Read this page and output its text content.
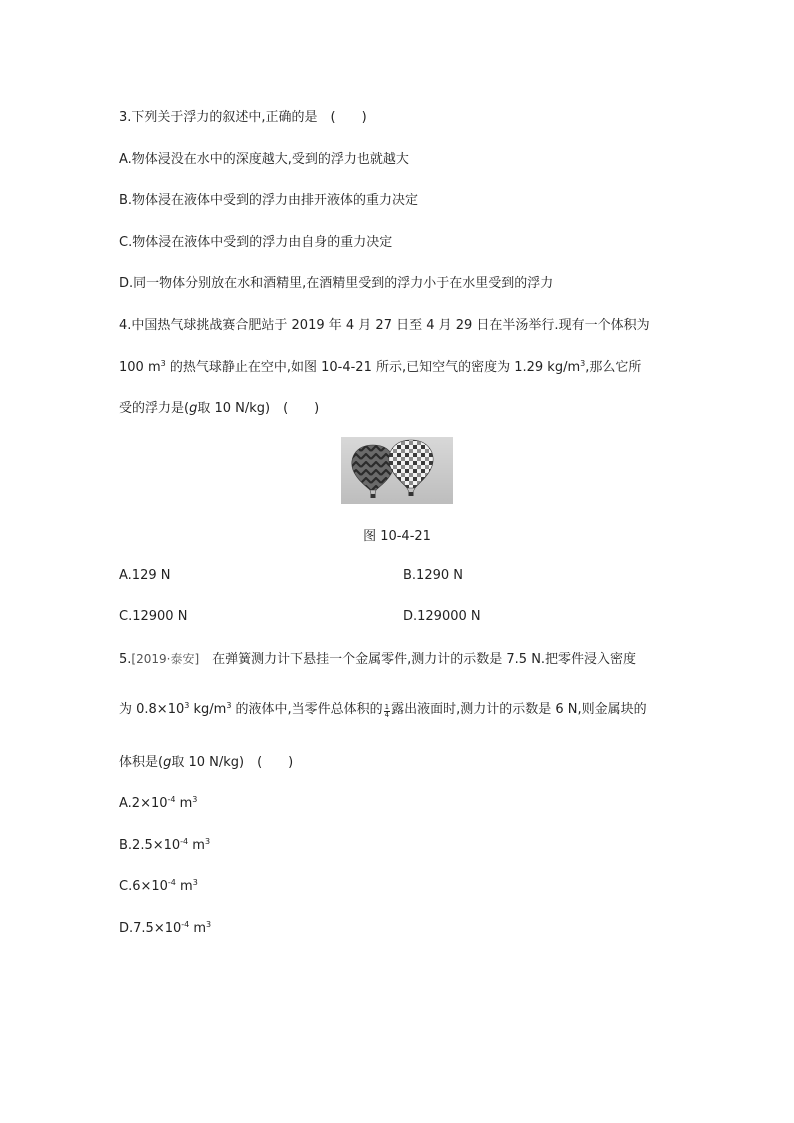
3.下列关于浮力的叙述中,正确的是　(　　)
A.物体浸没在水中的深度越大,受到的浮力也就越大
B.物体浸在液体中受到的浮力由排开液体的重力决定
C.物体浸在液体中受到的浮力由自身的重力决定
D.同一物体分别放在水和酒精里,在酒精里受到的浮力小于在水里受到的浮力
4.中国热气球挑战赛合肥站于 2019 年 4 月 27 日至 4 月 29 日在半汤举行.现有一个体积为
100 $m^3$ 的热气球静止在空中,如图 10-4-21 所示,已知空气的密度为 1.29 $kg/m^3$,那么它所
受的浮力是(g取 10 N/kg)　(　　)
图 10-4-21
A.129 N	B.1290 N
C.12900 N	D.129000 N
5.[2019·泰安]　在弹簧测力计下悬挂一个金属零件,测力计的示数是 7.5 N.把零件浸入密度
为 $0.8\times 10^3$ $kg/m^3$ 的液体中,当零件总体积的 $\frac{1}{4}$ 露出液面时,测力计的示数是 6 N,则金属块的
体积是(g取 10 N/kg)　(　　)
$A.2\times 10^{-4}$ $m^3$
$B.2.5\times 10^{-4}$ $m^3$
$C.6\times 10^{-4}$ $m^3$
$D.7.5\times 10^{-4}$ $m^3$
